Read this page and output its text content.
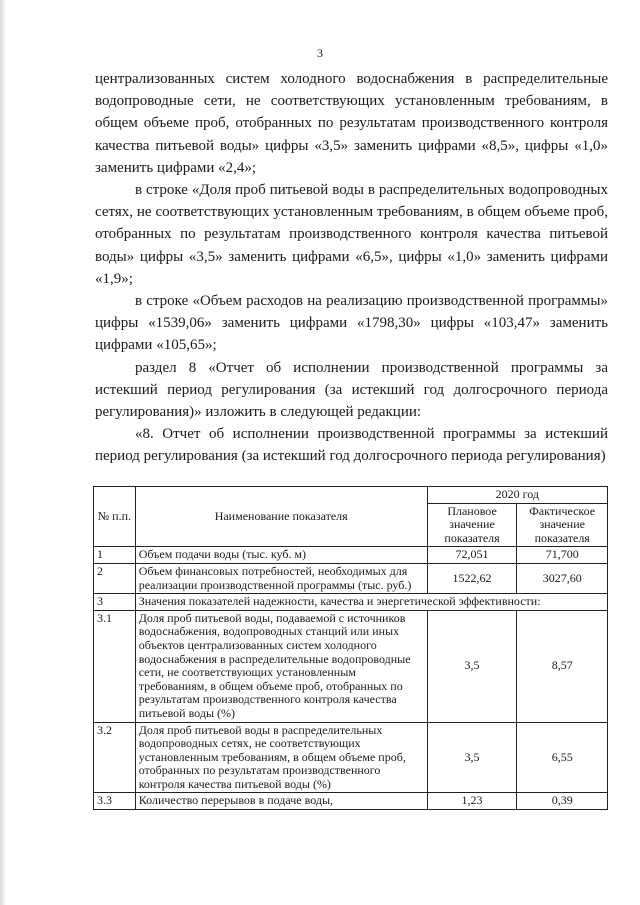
3

централизованных систем холодного водоснабжения в распределительные водопроводные сети, не соответствующих установленным требованиям, в общем объеме проб, отобранных по результатам производственного контроля качества питьевой воды» цифры «3,5» заменить цифрами «8,5», цифры «1,0» заменить цифрами «2,4»;

в строке «Доля проб питьевой воды в распределительных водопроводных сетях, не соответствующих установленным требованиям, в общем объеме проб, отобранных по результатам производственного контроля качества питьевой воды» цифры «3,5» заменить цифрами «6,5», цифры «1,0» заменить цифрами «1,9»;

в строке «Объем расходов на реализацию производственной программы» цифры «1539,06» заменить цифрами «1798,30» цифры «103,47» заменить цифрами «105,65»;

раздел 8 «Отчет об исполнении производственной программы за истекший период регулирования (за истекший год долгосрочного периода регулирования)» изложить в следующей редакции:

«8. Отчет об исполнении производственной программы за истекший период регулирования (за истекший год долгосрочного периода регулирования)

№ п.п.	Наименование показателя	2020 год	
		Плановое значение показателя	Фактическое значение показателя
1	Объем подачи воды (тыс. куб. м)	72,051	71,700
2	Объем финансовых потребностей, необходимых для реализации производственной программы (тыс. руб.)	1522,62	3027,60
3	Значения показателей надежности, качества и энергетической эффективности:		
3.1	Доля проб питьевой воды, подаваемой с источников водоснабжения, водопроводных станций или иных объектов централизованных систем холодного водоснабжения в распределительные водопроводные сети, не соответствующих установленным требованиям, в общем объеме проб, отобранных по результатам производственного контроля качества питьевой воды (%)	3,5	8,57
3.2	Доля проб питьевой воды в распределительных водопроводных сетях, не соответствующих установленным требованиям, в общем объеме проб, отобранных по результатам производственного контроля качества питьевой воды (%)	3,5	6,55
3.3	Количество перерывов в подаче воды,	1,23	0,39
